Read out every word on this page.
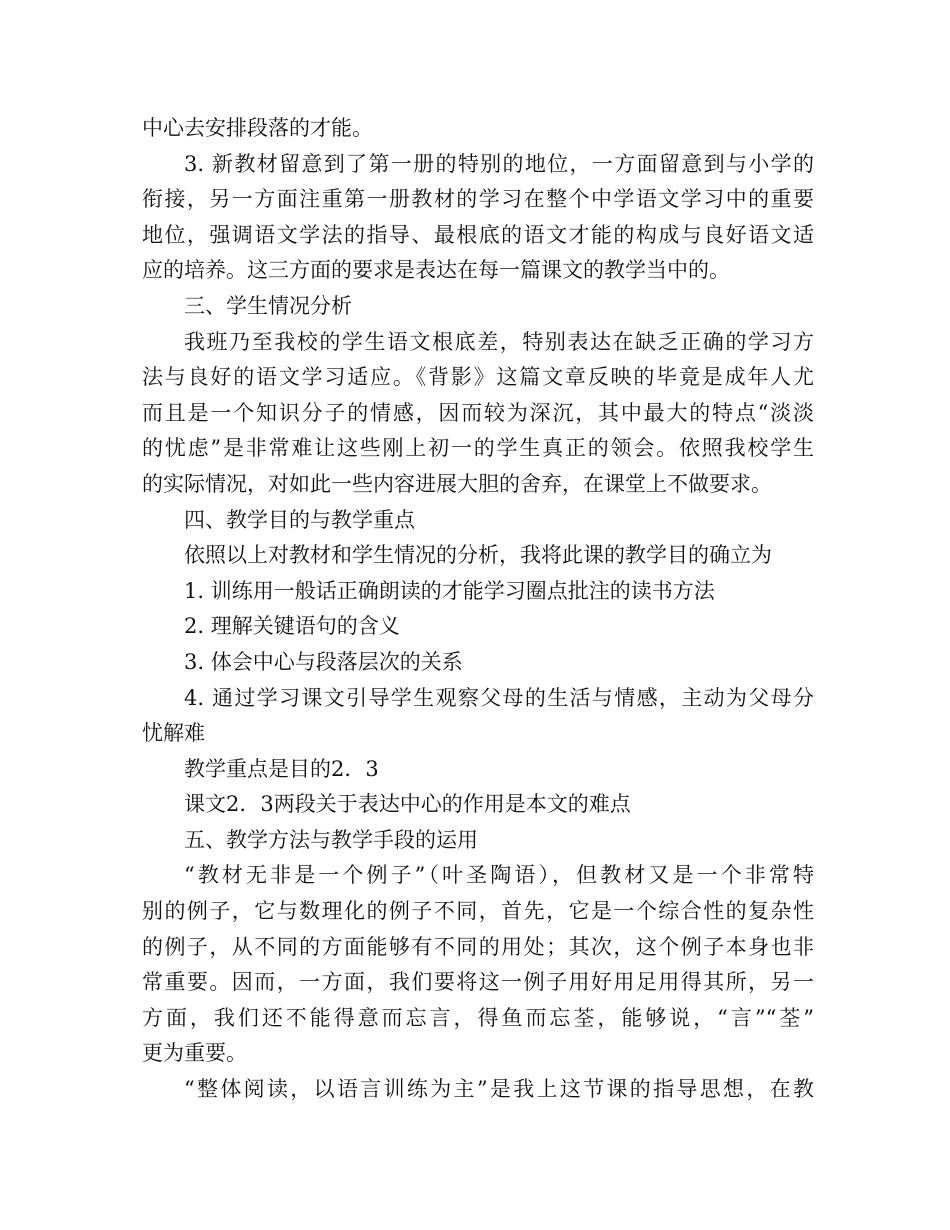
中心去安排段落的才能。
3. 新教材留意到了第一册的特别的地位，一方面留意到与小学的
衔接，另一方面注重第一册教材的学习在整个中学语文学习中的重要
地位，强调语文学法的指导、最根底的语文才能的构成与良好语文适
应的培养。这三方面的要求是表达在每一篇课文的教学当中的。
三、学生情况分析
我班乃至我校的学生语文根底差，特别表达在缺乏正确的学习方
法与良好的语文学习适应。《背影》这篇文章反映的毕竟是成年人尤
而且是一个知识分子的情感，因而较为深沉，其中最大的特点“淡淡
的忧虑”是非常难让这些刚上初一的学生真正的领会。依照我校学生
的实际情况，对如此一些内容进展大胆的舍弃，在课堂上不做要求。
四、教学目的与教学重点
依照以上对教材和学生情况的分析，我将此课的教学目的确立为
1. 训练用一般话正确朗读的才能学习圈点批注的读书方法
2. 理解关键语句的含义
3. 体会中心与段落层次的关系
4. 通过学习课文引导学生观察父母的生活与情感，主动为父母分
忧解难
教学重点是目的2．3
课文2．3两段关于表达中心的作用是本文的难点
五、教学方法与教学手段的运用
“教材无非是一个例子”（叶圣陶语），但教材又是一个非常特
别的例子，它与数理化的例子不同，首先，它是一个综合性的复杂性
的例子，从不同的方面能够有不同的用处；其次，这个例子本身也非
常重要。因而，一方面，我们要将这一例子用好用足用得其所，另一
方面，我们还不能得意而忘言，得鱼而忘荃，能够说，“言”“荃”
更为重要。
“整体阅读，以语言训练为主”是我上这节课的指导思想，在教
